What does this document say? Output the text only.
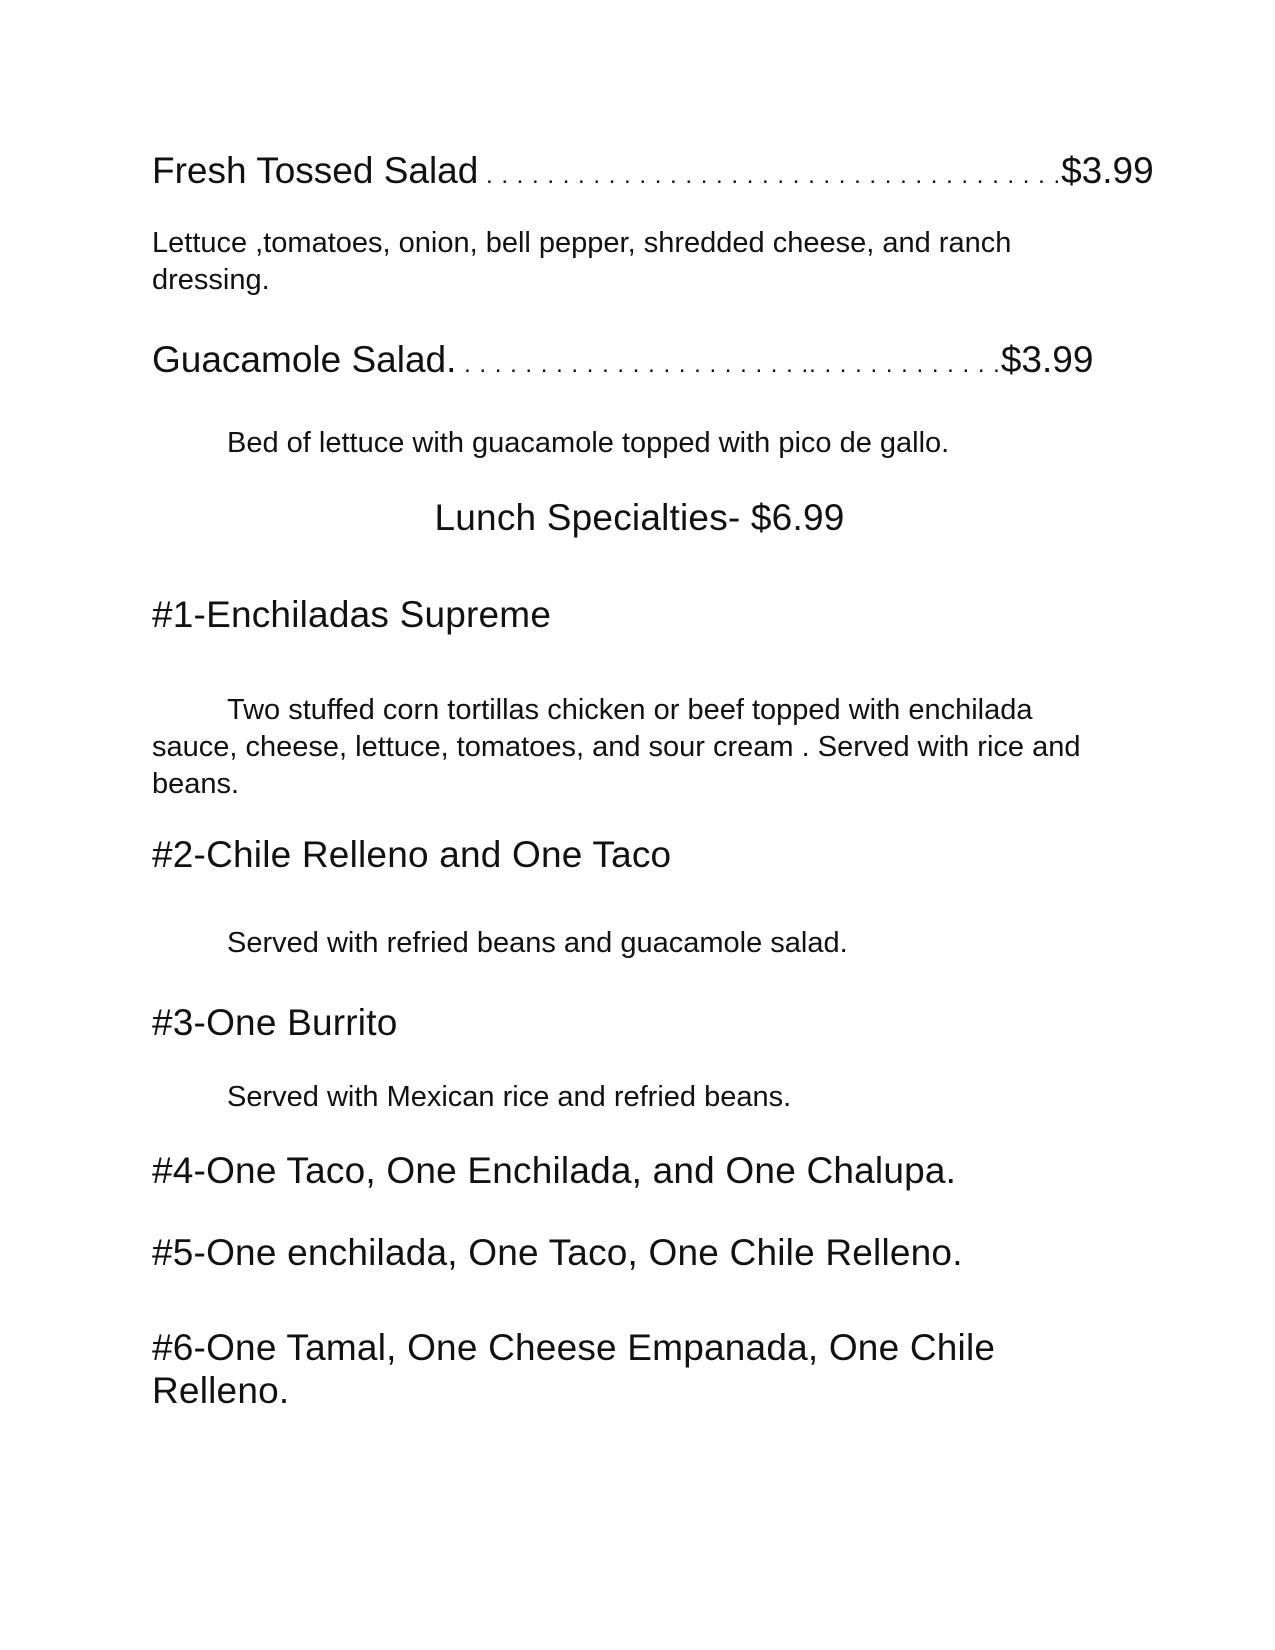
Fresh Tossed Salad . . . . . . . . . . . . . . . . . . . . . . . . . . . . . . . . . . . . . .$3.99
Lettuce ,tomatoes, onion, bell pepper, shredded cheese, and ranch dressing.
Guacamole Salad. . . . . . . . . . . . . . . . . . . . . . . .. . . . . . . . . . . . .$3.99
Bed of lettuce with guacamole topped with pico de gallo.
Lunch Specialties- $6.99
#1-Enchiladas Supreme
Two stuffed corn tortillas chicken or beef topped with enchilada sauce, cheese, lettuce, tomatoes, and sour cream . Served with rice and beans.
#2-Chile Relleno and One Taco
Served with refried beans and guacamole salad.
#3-One Burrito
Served with Mexican rice and refried beans.
#4-One Taco, One Enchilada, and One Chalupa.
#5-One enchilada, One Taco, One Chile Relleno.
#6-One Tamal, One Cheese Empanada, One Chile Relleno.
